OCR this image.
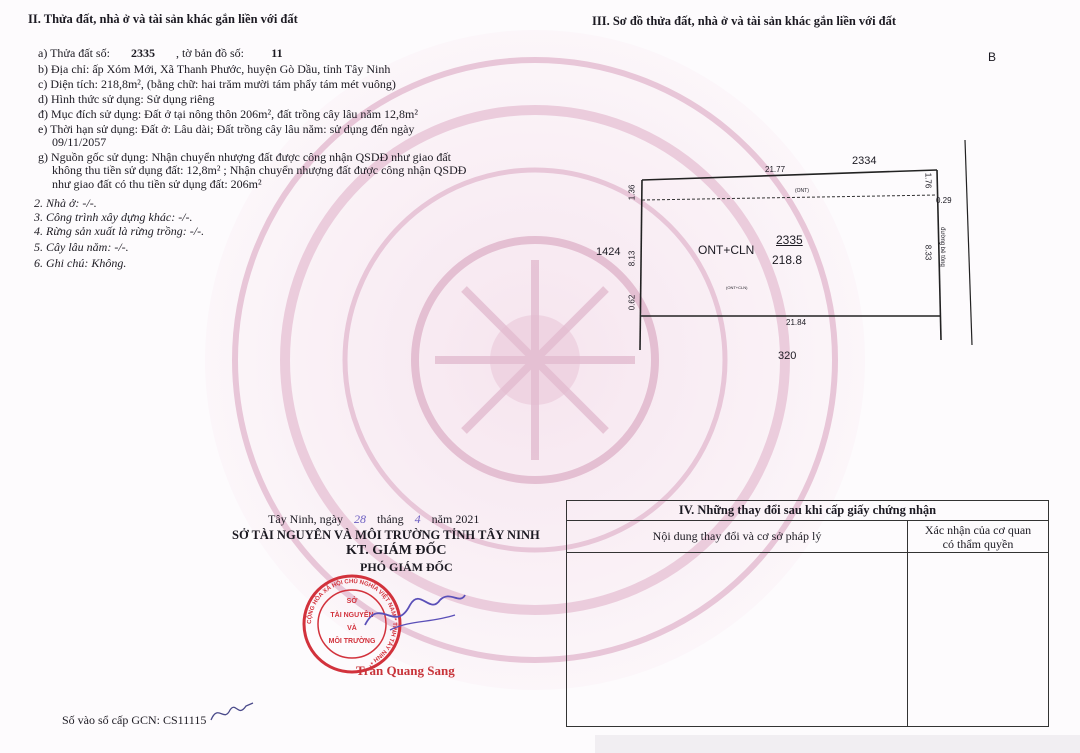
II. Thửa đất, nhà ở và tài sản khác gắn liền với đất
a) Thửa đất số: 2335 , tờ bản đồ số: 11
b) Địa chỉ: ấp Xóm Mới, Xã Thanh Phước, huyện Gò Dầu, tỉnh Tây Ninh
c) Diện tích: 218,8m², (bằng chữ: hai trăm mười tám phẩy tám mét vuông)
d) Hình thức sử dụng: Sử dụng riêng
đ) Mục đích sử dụng: Đất ở tại nông thôn 206m², đất trồng cây lâu năm 12,8m²
e) Thời hạn sử dụng: Đất ở: Lâu dài; Đất trồng cây lâu năm: sử dụng đến ngày
09/11/2057
g) Nguồn gốc sử dụng: Nhận chuyển nhượng đất được công nhận QSDĐ như giao đất
không thu tiền sử dụng đất: 12,8m² ; Nhận chuyển nhượng đất được công nhận QSDĐ
như giao đất có thu tiền sử dụng đất: 206m²
2. Nhà ở: -/-.
3. Công trình xây dựng khác: -/-.
4. Rừng sản xuất là rừng trồng: -/-.
5. Cây lâu năm: -/-.
6. Ghi chú: Không.
III. Sơ đồ thửa đất, nhà ở và tài sản khác gắn liền với đất
B
21.77
2334
(ONT)
0.29
1424	ONT+CLN
2335
218.8
(ONT+CLN)
21.84
320
1.36
8.13
0.62
1.76
8.33 đường bê tông
Tây Ninh, ngày 28 tháng 4 năm 2021
SỞ TÀI NGUYÊN VÀ MÔI TRƯỜNG TỈNH TÂY NINH
KT. GIÁM ĐỐC
PHÓ GIÁM ĐỐC
CỘNG HÒA XÃ HỘI CHỦ NGHĨA VIỆT NAM * TỈNH TÂY NINH *
SỞ
TÀI NGUYÊN
VÀ
MÔI TRƯỜNG
Trần Quang Sang
Số vào sổ cấp GCN: CS11115
IV. Những thay đổi sau khi cấp giấy chứng nhận	
Nội dung thay đổi và cơ sở pháp lý	Xác nhận của cơ quan
có thẩm quyền
